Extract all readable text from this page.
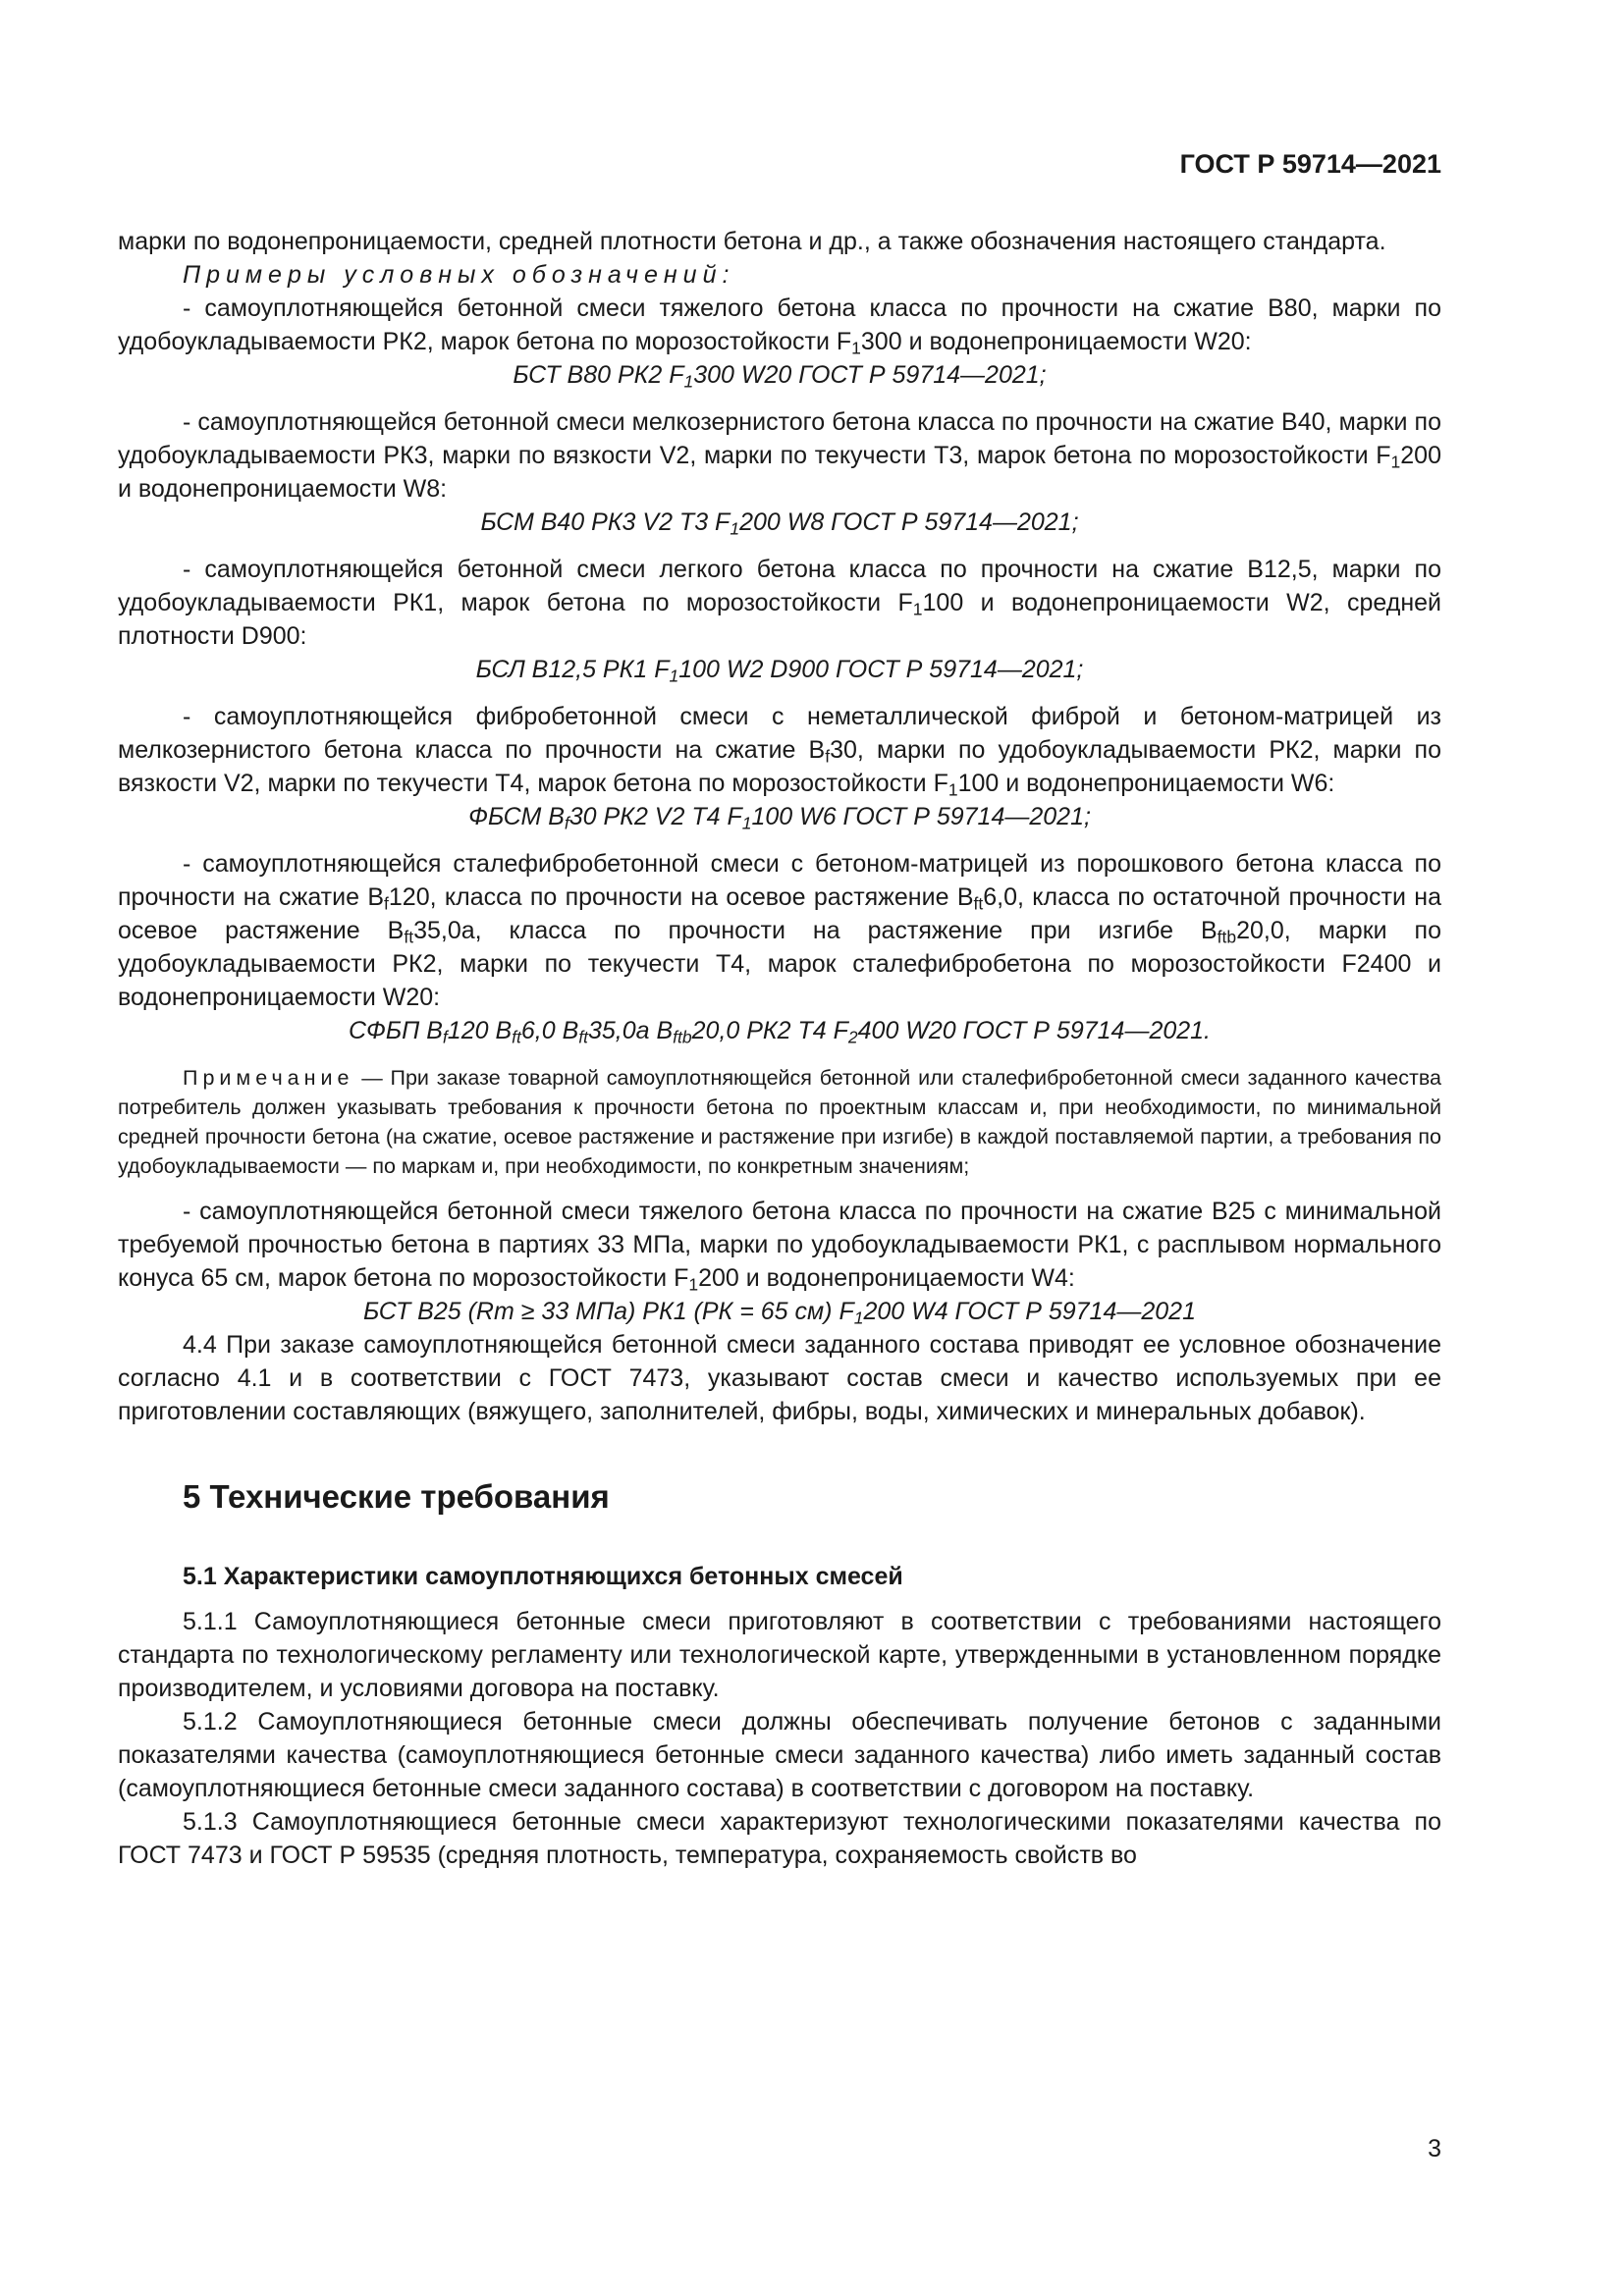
ГОСТ Р 59714—2021

марки по водонепроницаемости, средней плотности бетона и др., а также обозначения настоящего стандарта.

Примеры условных обозначений:

- самоуплотняющейся бетонной смеси тяжелого бетона класса по прочности на сжатие B80, марки по удобоукладываемости РК2, марок бетона по морозостойкости $F_1300$ и водонепроницаемости W20:

БСТ B80 РК2 $F_1300$ W20 ГОСТ Р 59714—2021;

- самоуплотняющейся бетонной смеси мелкозернистого бетона класса по прочности на сжатие B40, марки по удобоукладываемости РК3, марки по вязкости V2, марки по текучести Т3, марок бетона по морозостойкости $F_1200$ и водонепроницаемости W8:

БСМ B40 РК3 V2 Т3 $F_1200$ W8 ГОСТ Р 59714—2021;

- самоуплотняющейся бетонной смеси легкого бетона класса по прочности на сжатие B12,5, марки по удобоукладываемости РК1, марок бетона по морозостойкости $F_1100$ и водонепроницаемости W2, средней плотности D900:

БСЛ B12,5 РК1 $F_1100$ W2 D900 ГОСТ Р 59714—2021;

- самоуплотняющейся фибробетонной смеси с неметаллической фиброй и бетоном-матрицей из мелкозернистого бетона класса по прочности на сжатие $B_f30$, марки по удобоукладываемости РК2, марки по вязкости V2, марки по текучести Т4, марок бетона по морозостойкости $F_1100$ и водонепроницаемости W6:

ФБСМ $B_f30$ РК2 V2 Т4 $F_1100$ W6 ГОСТ Р 59714—2021;

- самоуплотняющейся сталефибробетонной смеси с бетоном-матрицей из порошкового бетона класса по прочности на сжатие $B_f120$, класса по прочности на осевое растяжение $B_{ft}6,0$, класса по остаточной прочности на осевое растяжение $B_{ft}35,0а$, класса по прочности на растяжение при изгибе $B_{ftb}20,0$, марки по удобоукладываемости РК2, марки по текучести Т4, марок сталефибробетона по морозостойкости F2400 и водонепроницаемости W20:

СФБП $B_f120$ $B_{ft}6,0$ $B_{ft}35,0а$ $B_{ftb}20,0$ РК2 Т4 $F_2400$ W20 ГОСТ Р 59714—2021.

Примечание — При заказе товарной самоуплотняющейся бетонной или сталефибробетонной смеси заданного качества потребитель должен указывать требования к прочности бетона по проектным классам и, при необходимости, по минимальной средней прочности бетона (на сжатие, осевое растяжение и растяжение при изгибе) в каждой поставляемой партии, а требования по удобоукладываемости — по маркам и, при необходимости, по конкретным значениям;

- самоуплотняющейся бетонной смеси тяжелого бетона класса по прочности на сжатие B25 с минимальной требуемой прочностью бетона в партиях 33 МПа, марки по удобоукладываемости РК1, с расплывом нормального конуса 65 см, марок бетона по морозостойкости $F_1200$ и водонепроницаемости W4:

БСТ B25 (Rт ≥ 33 МПа) РК1 (РК = 65 см) $F_1200$ W4 ГОСТ Р 59714—2021

4.4 При заказе самоуплотняющейся бетонной смеси заданного состава приводят ее условное обозначение согласно 4.1 и в соответствии с ГОСТ 7473, указывают состав смеси и качество используемых при ее приготовлении составляющих (вяжущего, заполнителей, фибры, воды, химических и минеральных добавок).

5 Технические требования
5.1 Характеристики самоуплотняющихся бетонных смесей

5.1.1 Самоуплотняющиеся бетонные смеси приготовляют в соответствии с требованиями настоящего стандарта по технологическому регламенту или технологической карте, утвержденными в установленном порядке производителем, и условиями договора на поставку.

5.1.2 Самоуплотняющиеся бетонные смеси должны обеспечивать получение бетонов с заданными показателями качества (самоуплотняющиеся бетонные смеси заданного качества) либо иметь заданный состав (самоуплотняющиеся бетонные смеси заданного состава) в соответствии с договором на поставку.

5.1.3 Самоуплотняющиеся бетонные смеси характеризуют технологическими показателями качества по ГОСТ 7473 и ГОСТ Р 59535 (средняя плотность, температура, сохраняемость свойств во

3
